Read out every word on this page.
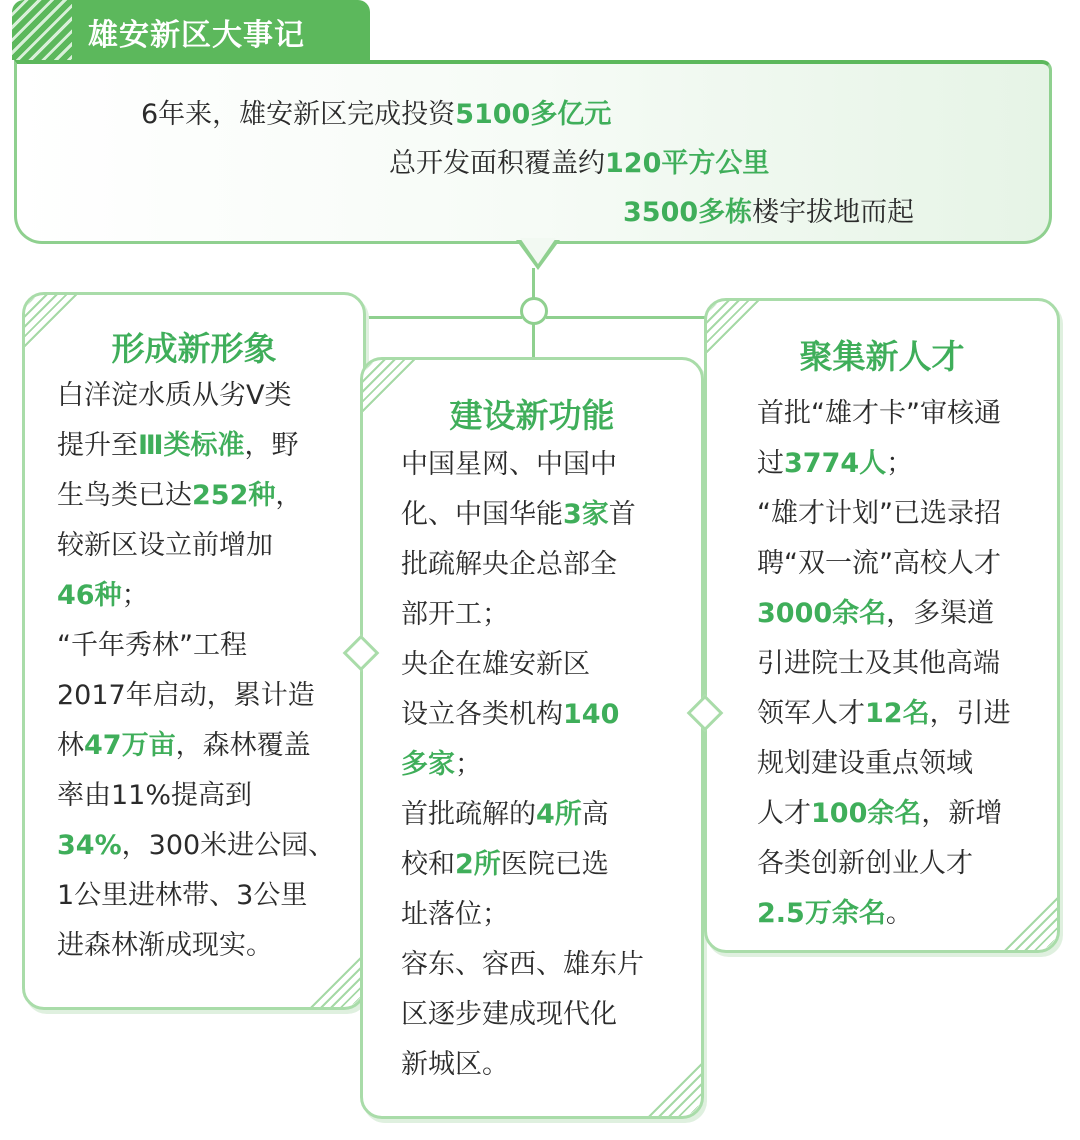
雄安新区大事记
6年来，雄安新区完成投资5100多亿元
总开发面积覆盖约120平方公里
3500多栋楼宇拔地而起
形成新形象
白洋淀水质从劣Ⅴ类
提升至Ⅲ类标准，野
生鸟类已达252种，
较新区设立前增加
46种；
“千年秀林”工程
2017年启动，累计造
林47万亩，森林覆盖
率由11%提高到
34%，300米进公园、
1公里进林带、3公里
进森林渐成现实。
建设新功能
中国星网、中国中
化、中国华能3家首
批疏解央企总部全
部开工；
央企在雄安新区
设立各类机构140
多家；
首批疏解的4所高
校和2所医院已选
址落位；
容东、容西、雄东片
区逐步建成现代化
新城区。
聚集新人才
首批“雄才卡”审核通
过3774人；
“雄才计划”已选录招
聘“双一流”高校人才
3000余名，多渠道
引进院士及其他高端
领军人才12名，引进
规划建设重点领域
人才100余名，新增
各类创新创业人才
2.5万余名。
